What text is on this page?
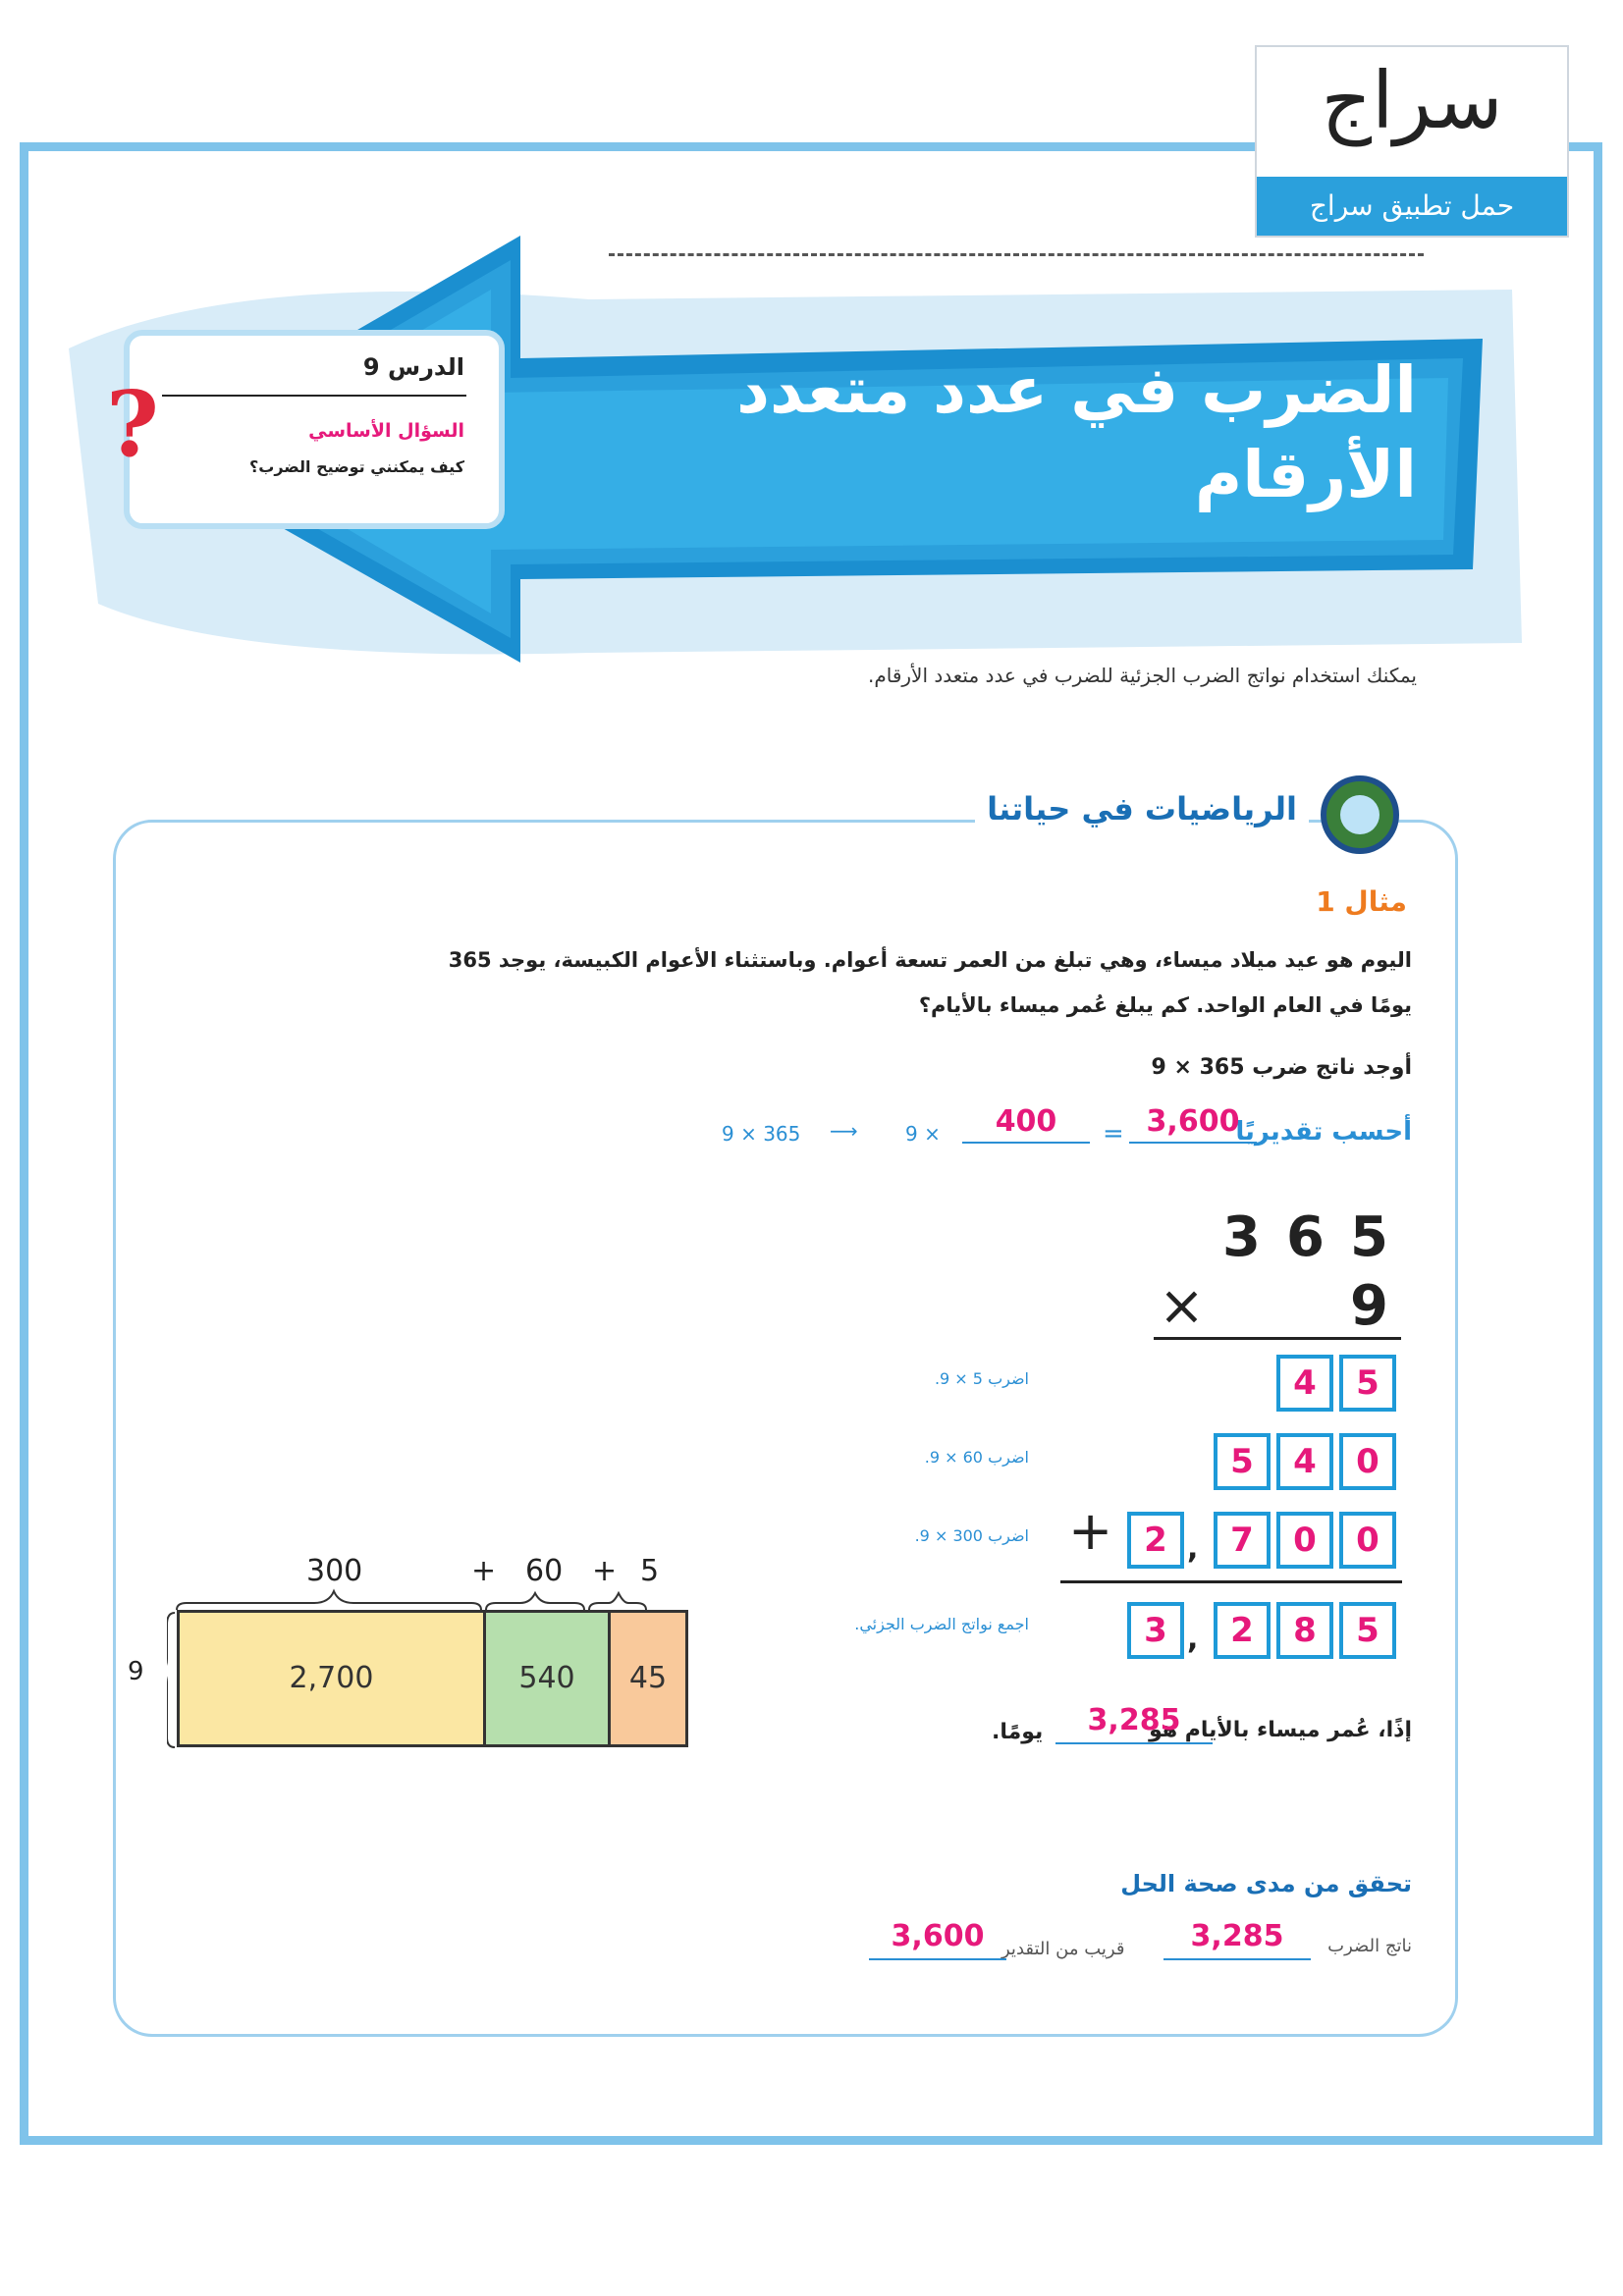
سراج
حمل تطبيق سراج
الضرب في عدد متعدد
الأرقام
الدرس 9
السؤال الأساسي
كيف يمكنني توضيح الضرب؟
?
يمكنك استخدام نواتج الضرب الجزئية للضرب في عدد متعدد الأرقام.
الرياضيات في حياتنا
مثال 1
اليوم هو عيد ميلاد ميساء، وهي تبلغ من العمر تسعة أعوام. وباستثناء الأعوام الكبيسة، يوجد 365 يومًا في العام الواحد. كم يبلغ عُمر ميساء بالأيام؟
أوجد ناتج ضرب 365 × 9
أحسب تقديريًا
9 × 365 ⟶ 9 ×	400	= 3,600
3 6 5
×	9
اضرب 5 × 9.	4	5
اضرب 60 × 9.	5	4	0
اضرب 300 × 9. + 2 , 7	0	0
اجمع نواتج الضرب الجزئي.	3 , 2	8	5
300	+ 60 + 5
9	2,700	540	45
إذًا، عُمر ميساء بالأيام هو
3,285
يومًا.
تحقق من مدى صحة الحل
ناتج الضرب
3,285
قريب من التقدير
3,600
